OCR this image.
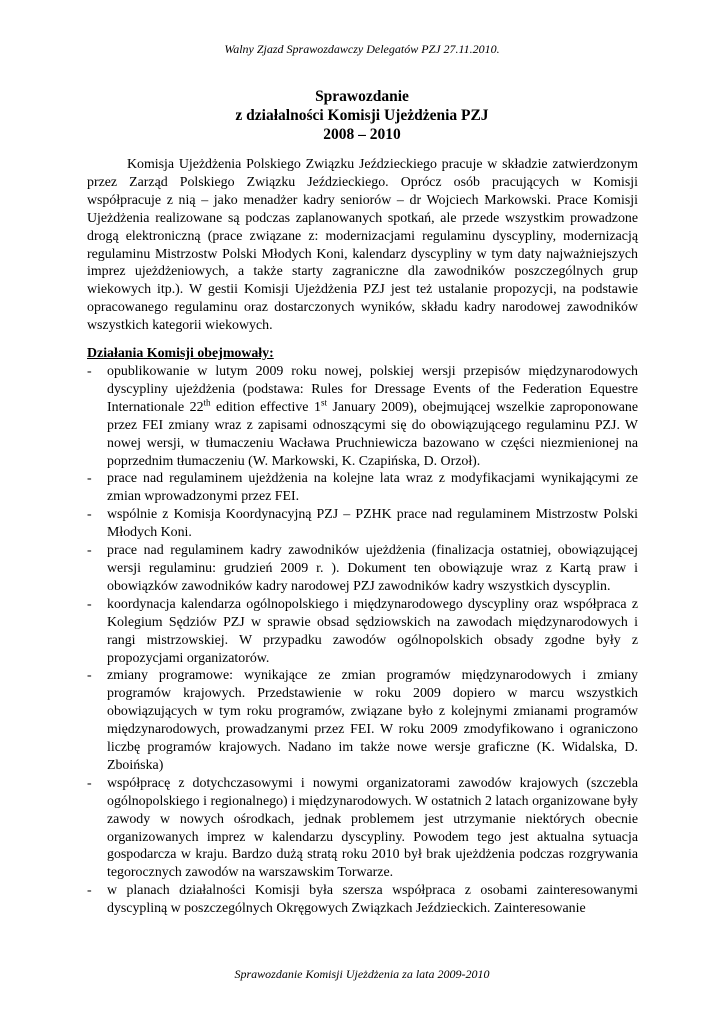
Walny Zjazd Sprawozdawczy Delegatów PZJ 27.11.2010.
Sprawozdanie
z działalności Komisji Ujeżdżenia PZJ
2008 – 2010

Komisja Ujeżdżenia Polskiego Związku Jeździeckiego pracuje w składzie zatwierdzonym przez Zarząd Polskiego Związku Jeździeckiego. Oprócz osób pracujących w Komisji współpracuje z nią – jako menadżer kadry seniorów – dr Wojciech Markowski. Prace Komisji Ujeżdżenia realizowane są podczas zaplanowanych spotkań, ale przede wszystkim prowadzone drogą elektroniczną (prace związane z: modernizacjami regulaminu dyscypliny, modernizacją regulaminu Mistrzostw Polski Młodych Koni, kalendarz dyscypliny w tym daty najważniejszych imprez ujeżdżeniowych, a także starty zagraniczne dla zawodników poszczególnych grup wiekowych itp.). W gestii Komisji Ujeżdżenia PZJ jest też ustalanie propozycji, na podstawie opracowanego regulaminu oraz dostarczonych wyników, składu kadry narodowej zawodników wszystkich kategorii wiekowych.

Działania Komisji obejmowały:
- opublikowanie w lutym 2009 roku nowej, polskiej wersji przepisów międzynarodowych dyscypliny ujeżdżenia (podstawa: Rules for Dressage Events of the Federation Equestre Internationale 22th edition effective 1st January 2009), obejmującej wszelkie zaproponowane przez FEI zmiany wraz z zapisami odnoszącymi się do obowiązującego regulaminu PZJ. W nowej wersji, w tłumaczeniu Wacława Pruchniewicza bazowano w części niezmienionej na poprzednim tłumaczeniu (W. Markowski, K. Czapińska, D. Orzoł).
- prace nad regulaminem ujeżdżenia na kolejne lata wraz z modyfikacjami wynikającymi ze zmian wprowadzonymi przez FEI.
- wspólnie z Komisja Koordynacyjną PZJ – PZHK prace nad regulaminem Mistrzostw Polski Młodych Koni.
- prace nad regulaminem kadry zawodników ujeżdżenia (finalizacja ostatniej, obowiązującej wersji regulaminu: grudzień 2009 r. ). Dokument ten obowiązuje wraz z Kartą praw i obowiązków zawodników kadry narodowej PZJ zawodników kadry wszystkich dyscyplin.
- koordynacja kalendarza ogólnopolskiego i międzynarodowego dyscypliny oraz współpraca z Kolegium Sędziów PZJ w sprawie obsad sędziowskich na zawodach międzynarodowych i rangi mistrzowskiej. W przypadku zawodów ogólnopolskich obsady zgodne były z propozycjami organizatorów.
- zmiany programowe: wynikające ze zmian programów międzynarodowych i zmiany programów krajowych. Przedstawienie w roku 2009 dopiero w marcu wszystkich obowiązujących w tym roku programów, związane było z kolejnymi zmianami programów międzynarodowych, prowadzanymi przez FEI. W roku 2009 zmodyfikowano i ograniczono liczbę programów krajowych. Nadano im także nowe wersje graficzne (K. Widalska, D. Zboińska)
- współpracę z dotychczasowymi i nowymi organizatorami zawodów krajowych (szczebla ogólnopolskiego i regionalnego) i międzynarodowych. W ostatnich 2 latach organizowane były zawody w nowych ośrodkach, jednak problemem jest utrzymanie niektórych obecnie organizowanych imprez w kalendarzu dyscypliny. Powodem tego jest aktualna sytuacja gospodarcza w kraju. Bardzo dużą stratą roku 2010 był brak ujeżdżenia podczas rozgrywania tegorocznych zawodów na warszawskim Torwarze.
- w planach działalności Komisji była szersza współpraca z osobami zainteresowanymi dyscypliną w poszczególnych Okręgowych Związkach Jeździeckich. Zainteresowanie
Sprawozdanie Komisji Ujeżdżenia za lata 2009-2010
